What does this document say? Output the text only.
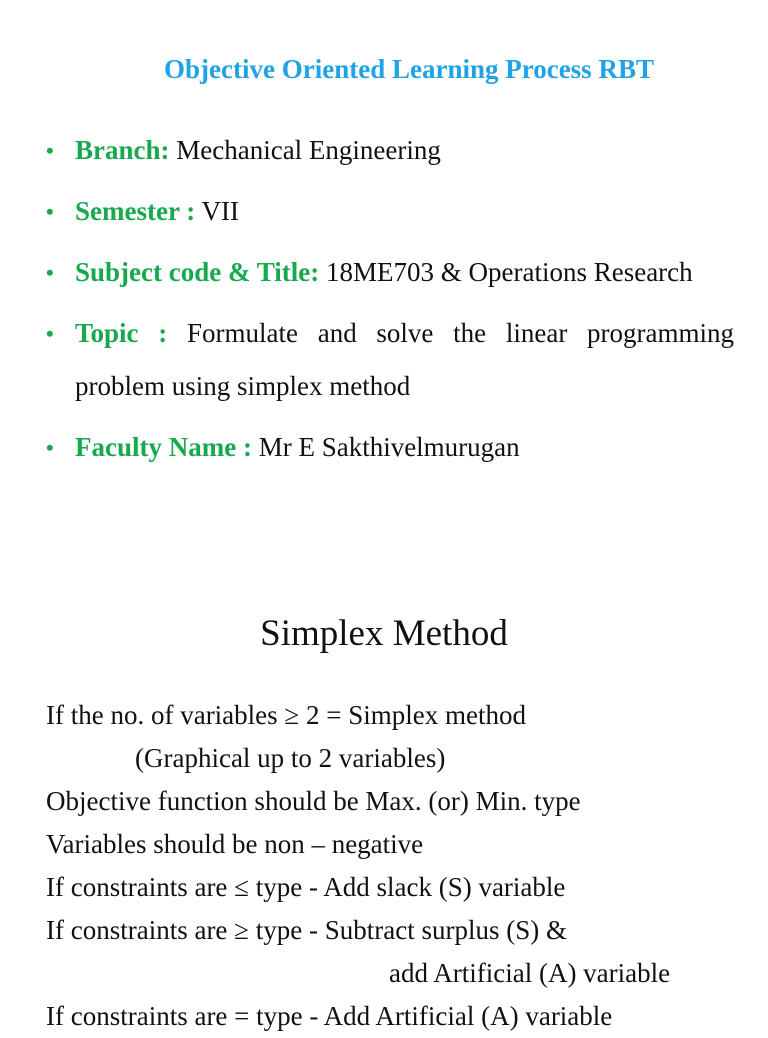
Objective Oriented Learning Process RBT
• Branch: Mechanical Engineering
• Semester : VII
• Subject code & Title: 18ME703 & Operations Research
• Topic : Formulate and solve the linear programming problem using simplex method
• Faculty Name : Mr E Sakthivelmurugan
Simplex Method
If the no. of variables ≥ 2 = Simplex method
(Graphical up to 2 variables)
Objective function should be Max. (or) Min. type
Variables should be non – negative
If constraints are ≤ type - Add slack (S) variable
If constraints are ≥ type - Subtract surplus (S) &
add Artificial (A) variable
If constraints are = type - Add Artificial (A) variable
